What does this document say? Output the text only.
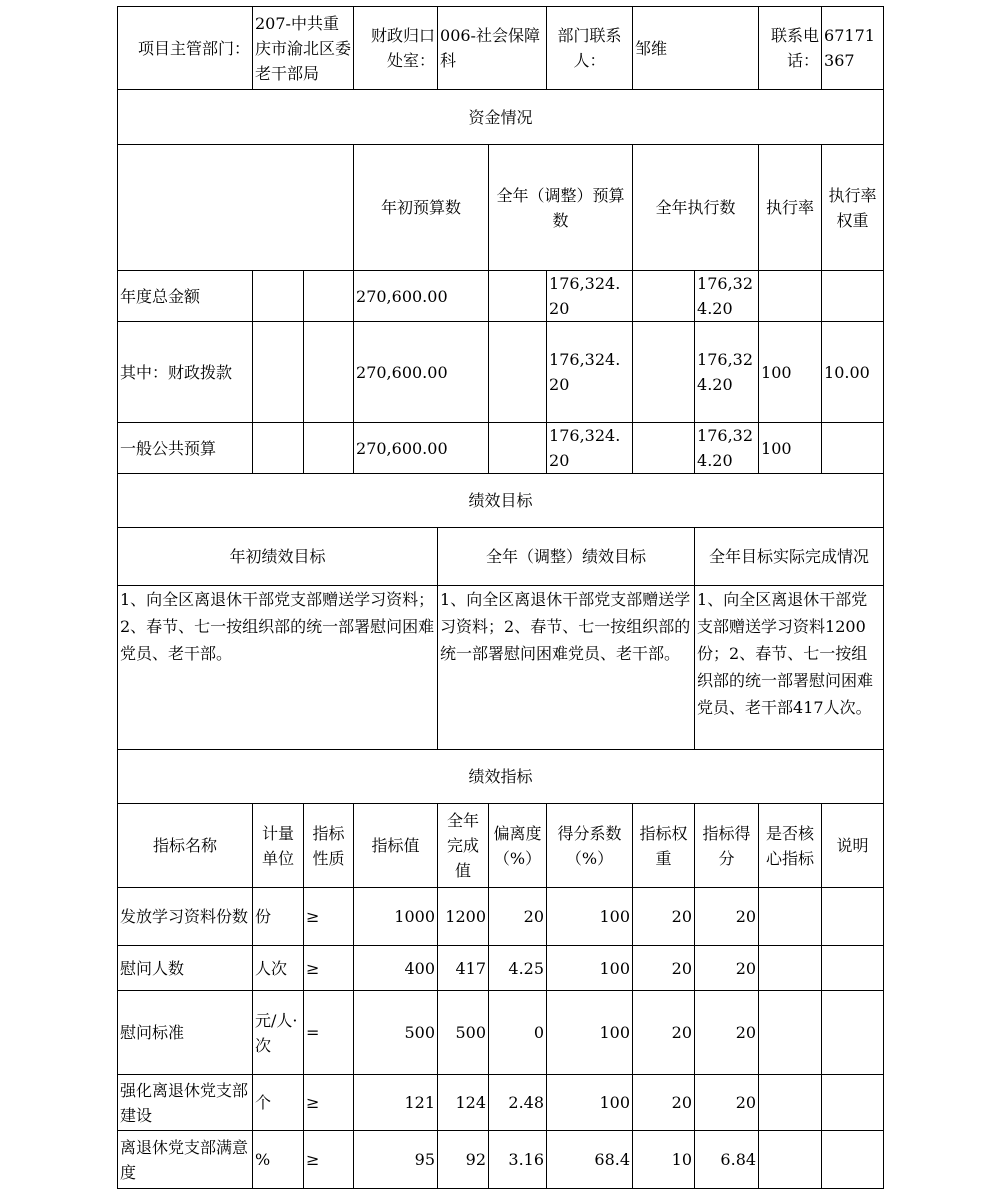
项目主管部门：	207-中共重庆市渝北区委老干部局		财政归口处室：	006-社会保障科		部门联系人：	邹维		联系电话：	67171367	
资金情况											
			年初预算数		全年（调整）预算数		全年执行数		执行率	执行率权重	
年度总金额			270,600.00			176,324.20		176,324.20			
其中：财政拨款			270,600.00			176,324.20		176,324.20	100	10.00	
一般公共预算			270,600.00			176,324.20		176,324.20	100		
绩效目标											
年初绩效目标				全年（调整）绩效目标				全年目标实际完成情况			
1、向全区离退休干部党支部赠送学习资料；2、春节、七一按组织部的统一部署慰问困难党员、老干部。				1、向全区离退休干部党支部赠送学习资料；2、春节、七一按组织部的统一部署慰问困难党员、老干部。				1、向全区离退休干部党支部赠送学习资料1200份；2、春节、七一按组织部的统一部署慰问困难党员、老干部417人次。			
绩效指标											
指标名称	计量单位	指标性质	指标值	全年完成值	偏离度（%）	得分系数（%）	指标权重	指标得分	是否核心指标	说明	
发放学习资料份数	份	≥	1000	1200	20	100	20	20			
慰问人数	人次	≥	400	417	4.25	100	20	20			
慰问标准	元/人·次	=	500	500	0	100	20	20			
强化离退休党支部建设	个	≥	121	124	2.48	100	20	20			
离退休党支部满意度	%	≥	95	92	3.16	68.4	10	6.84			
